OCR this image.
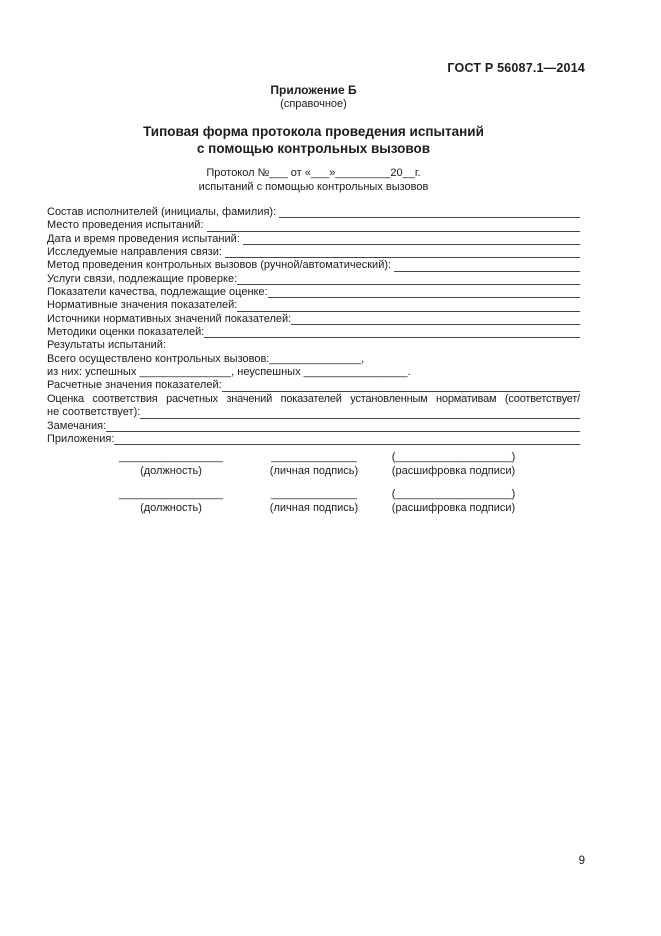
ГОСТ Р 56087.1—2014
Приложение Б
(справочное)
Типовая форма протокола проведения испытаний
с помощью контрольных вызовов
Протокол №___ от «___»_________20__г.
испытаний с помощью контрольных вызовов
Состав исполнителей (инициалы, фамилия):
Место проведения испытаний:
Дата и время проведения испытаний:
Исследуемые направления связи:
Метод проведения контрольных вызовов (ручной/автоматический):
Услуги связи, подлежащие проверке:
Показатели качества, подлежащие оценке:
Нормативные значения показателей:
Источники нормативных значений показателей:
Методики оценки показателей:
Результаты испытаний:
Всего осуществлено контрольных вызовов:_______________,
из них: успешных _______________, неуспешных _________________.
Расчетные значения показателей:
Оценка соответствия расчетных значений показателей установленным нормативам (соответствует/
не соответствует):
Замечания:
Приложения:
_________________
(должность)
______________
(личная подпись)
(___________________)
(расшифровка подписи)
_________________
(должность)
______________
(личная подпись)
(___________________)
(расшифровка подписи)
9
